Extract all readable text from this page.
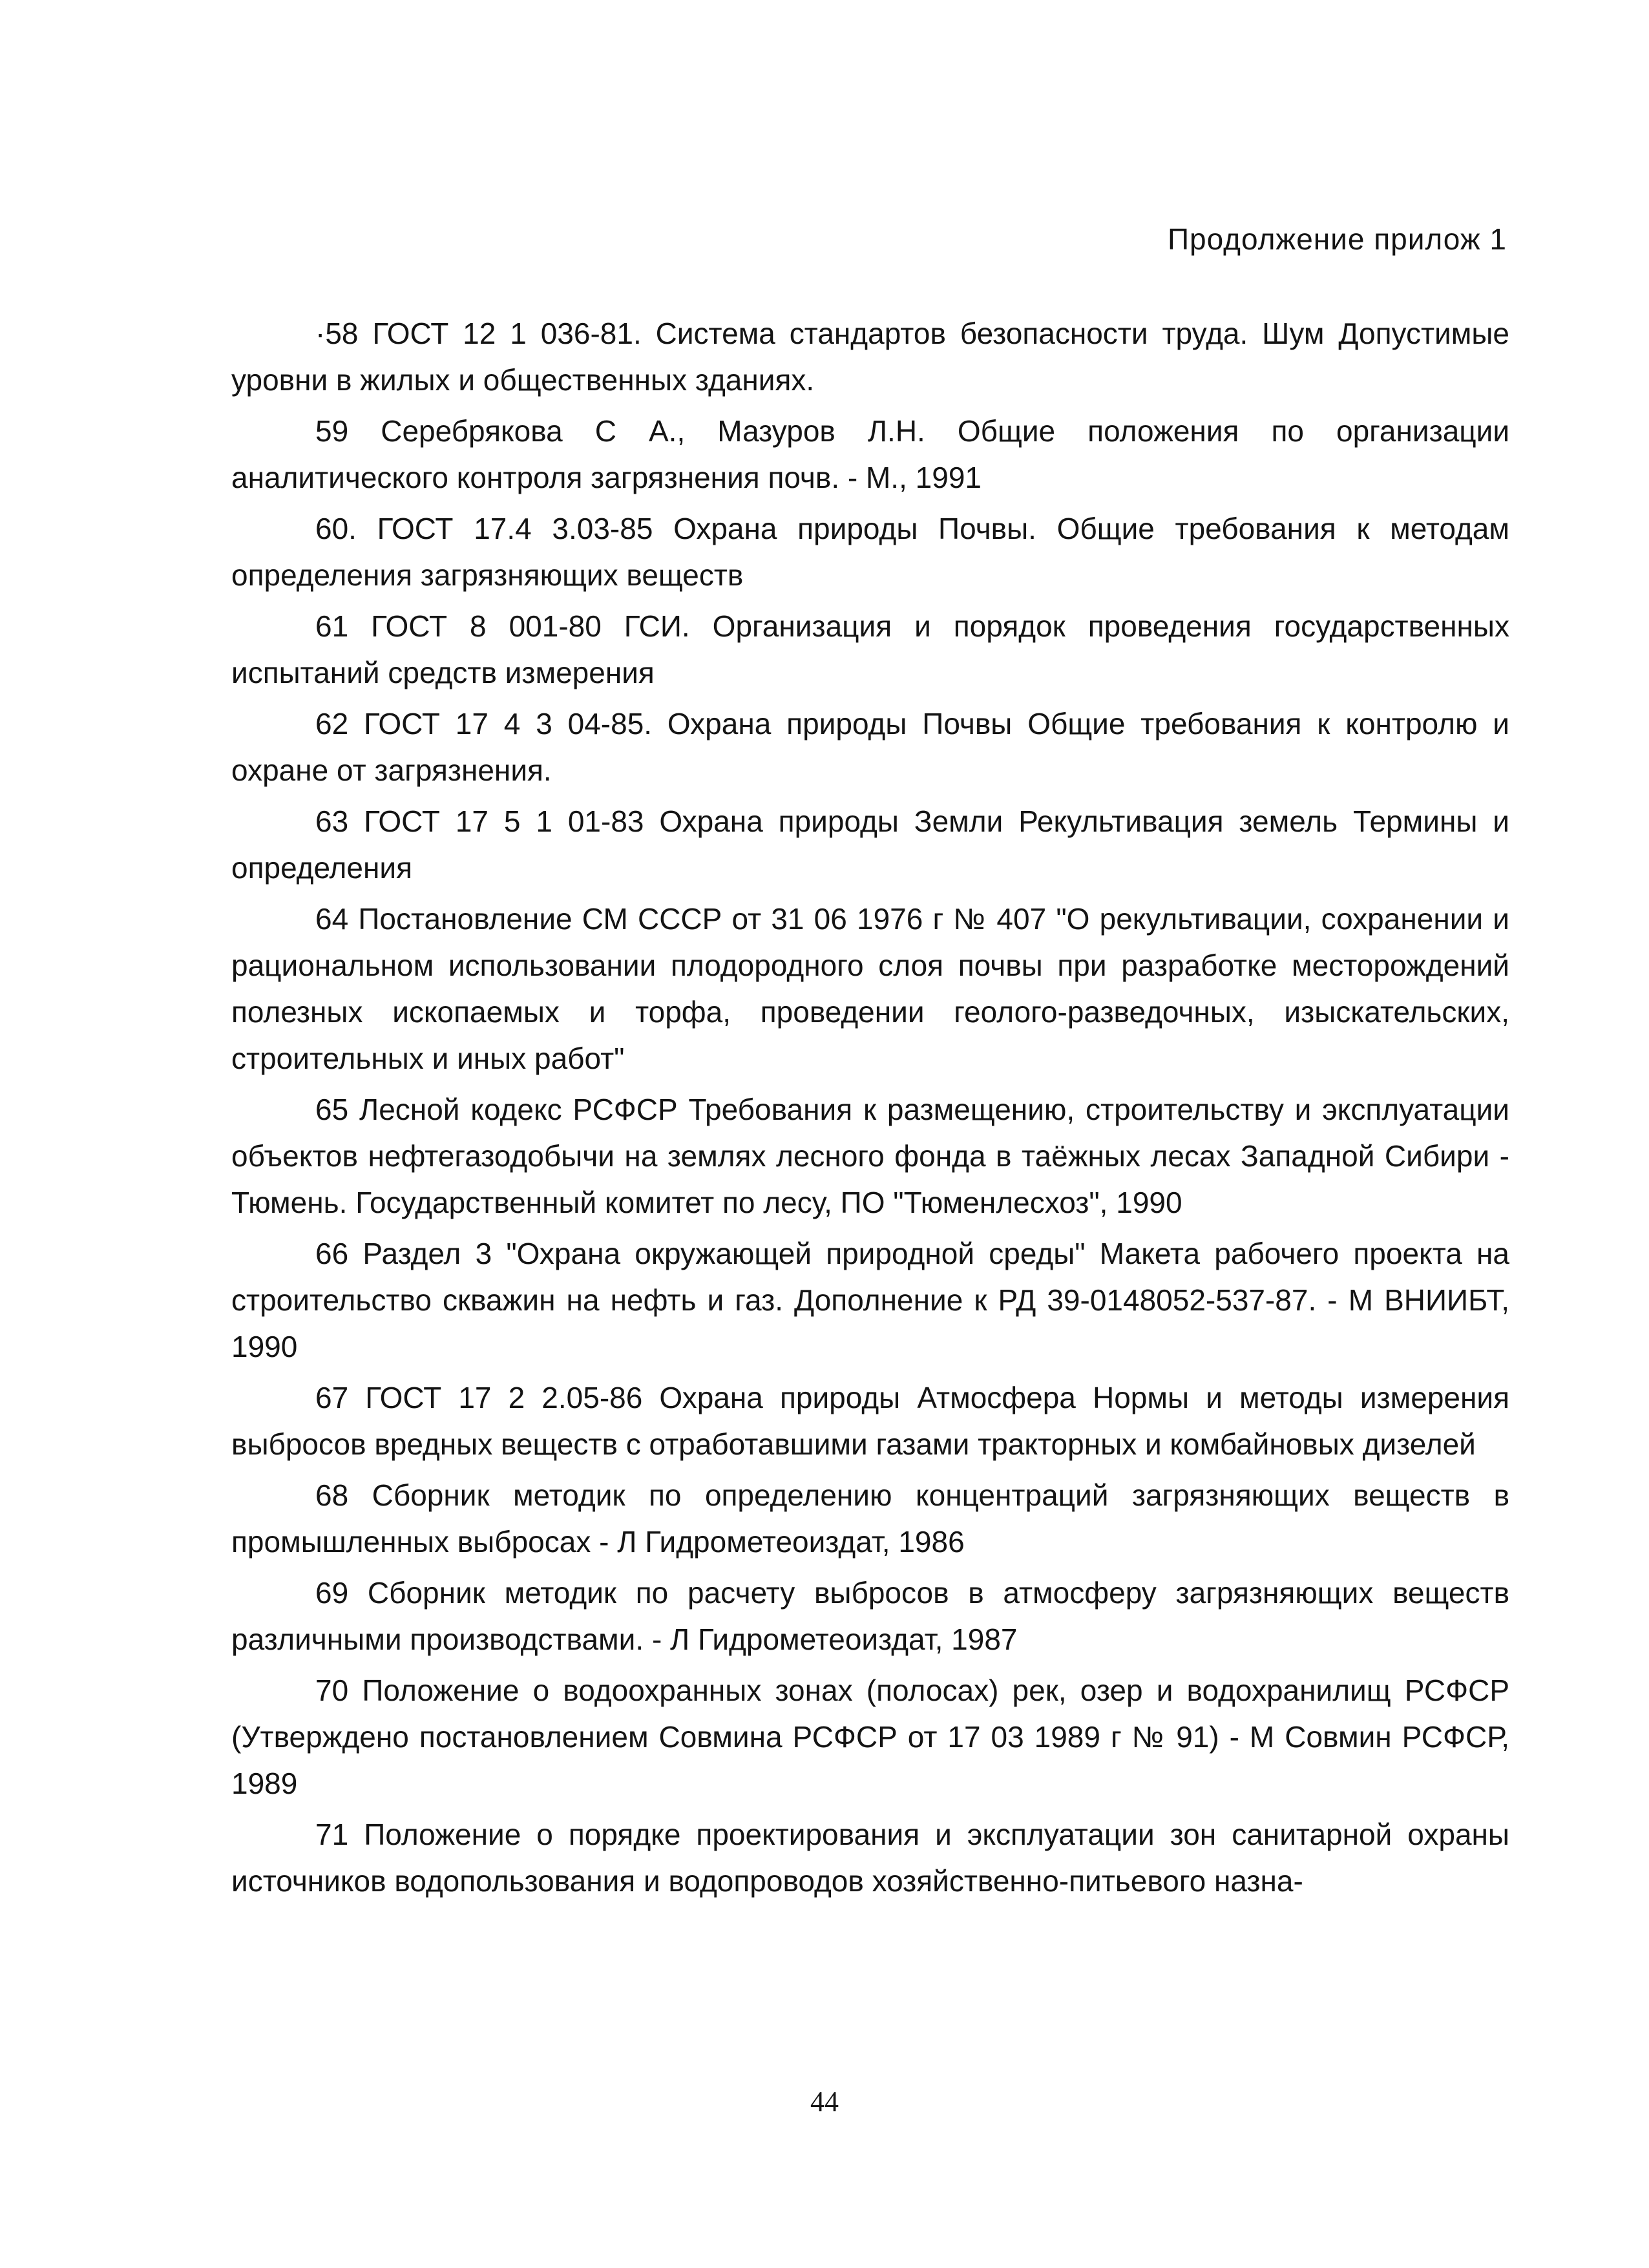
Продолжение прилож 1

·58 ГОСТ 12 1 036-81. Система стандартов безопасности труда. Шум Допустимые уровни в жилых и общественных зданиях.

59 Серебрякова С А., Мазуров Л.Н. Общие положения по организации аналитического контроля загрязнения почв. - М., 1991

60. ГОСТ 17.4 3.03-85 Охрана природы Почвы. Общие требования к методам определения загрязняющих веществ

61 ГОСТ 8 001-80 ГСИ. Организация и порядок проведения государственных испытаний средств измерения

62 ГОСТ 17 4 3 04-85. Охрана природы Почвы Общие требования к контролю и охране от загрязнения.

63 ГОСТ 17 5 1 01-83 Охрана природы Земли Рекультивация земель Термины и определения

64 Постановление СМ СССР от 31 06 1976 г № 407 "О рекультивации, сохранении и рациональном использовании плодородного слоя почвы при разработке месторождений полезных ископаемых и торфа, проведении геолого-разведочных, изыскательских, строительных и иных работ"

65 Лесной кодекс РСФСР Требования к размещению, строительству и эксплуатации объектов нефтегазодобычи на землях лесного фонда в таёжных лесах Западной Сибири - Тюмень. Государственный комитет по лесу, ПО "Тюменлесхоз", 1990

66 Раздел 3 "Охрана окружающей природной среды" Макета рабочего проекта на строительство скважин на нефть и газ. Дополнение к РД 39-0148052-537-87. - М ВНИИБТ, 1990

67 ГОСТ 17 2 2.05-86 Охрана природы Атмосфера Нормы и методы измерения выбросов вредных веществ с отработавшими газами тракторных и комбайновых дизелей

68 Сборник методик по определению концентраций загрязняющих веществ в промышленных выбросах - Л Гидрометеоиздат, 1986

69 Сборник методик по расчету выбросов в атмосферу загрязняющих веществ различными производствами. - Л Гидрометеоиздат, 1987

70 Положение о водоохранных зонах (полосах) рек, озер и водохранилищ РСФСР (Утверждено постановлением Совмина РСФСР от 17 03 1989 г № 91) - М Совмин РСФСР, 1989

71 Положение о порядке проектирования и эксплуатации зон санитарной охраны источников водопользования и водопроводов хозяйственно-питьевого назна-

44
